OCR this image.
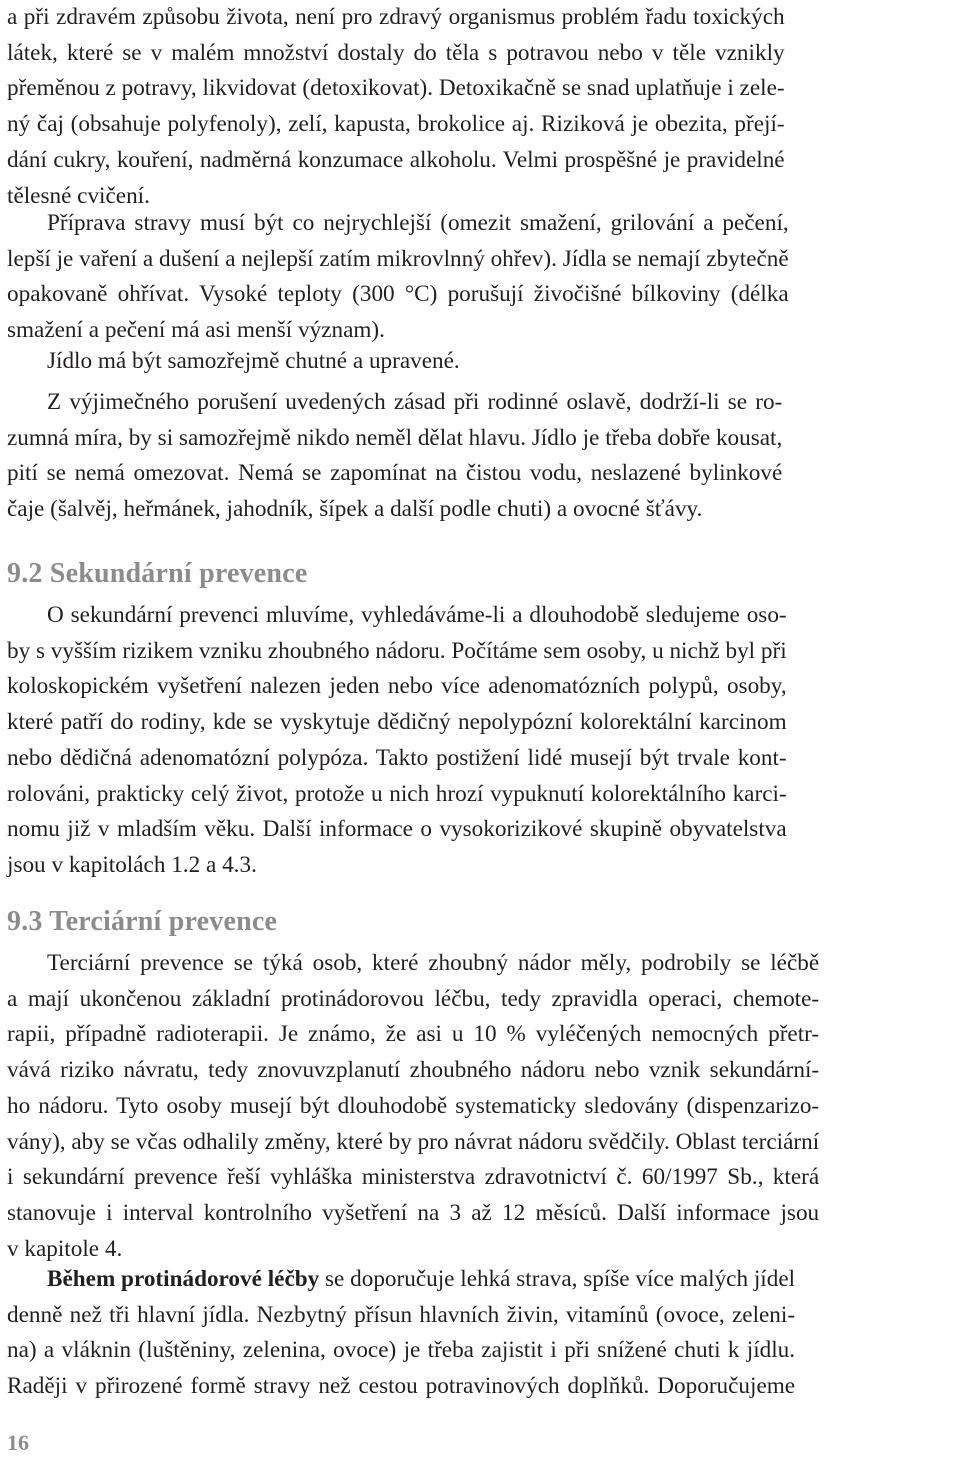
a při zdravém způsobu života, není pro zdravý organismus problém řadu toxických
látek, které se v malém množství dostaly do těla s potravou nebo v těle vznikly
přeměnou z potravy, likvidovat (detoxikovat). Detoxikačně se snad uplatňuje i zele-
ný čaj (obsahuje polyfenoly), zelí, kapusta, brokolice aj. Riziková je obezita, přejí-
dání cukry, kouření, nadměrná konzumace alkoholu. Velmi prospěšné je pravidelné
tělesné cvičení.
Příprava stravy musí být co nejrychlejší (omezit smažení, grilování a pečení,
lepší je vaření a dušení a nejlepší zatím mikrovlnný ohřev). Jídla se nemají zbytečně
opakovaně ohřívat. Vysoké teploty (300 °C) porušují živočišné bílkoviny (délka
smažení a pečení má asi menší význam).
Jídlo má být samozřejmě chutné a upravené.
Z výjimečného porušení uvedených zásad při rodinné oslavě, dodrží-li se ro-
zumná míra, by si samozřejmě nikdo neměl dělat hlavu. Jídlo je třeba dobře kousat,
pití se nemá omezovat. Nemá se zapomínat na čistou vodu, neslazené bylinkové
čaje (šalvěj, heřmánek, jahodník, šípek a další podle chuti) a ovocné šťávy.
9.2 Sekundární prevence
O sekundární prevenci mluvíme, vyhledáváme-li a dlouhodobě sledujeme oso-
by s vyšším rizikem vzniku zhoubného nádoru. Počítáme sem osoby, u nichž byl při
koloskopickém vyšetření nalezen jeden nebo více adenomatózních polypů, osoby,
které patří do rodiny, kde se vyskytuje dědičný nepolypózní kolorektální karcinom
nebo dědičná adenomatózní polypóza. Takto postižení lidé musejí být trvale kont-
rolováni, prakticky celý život, protože u nich hrozí vypuknutí kolorektálního karci-
nomu již v mladším věku. Další informace o vysokorizikové skupině obyvatelstva
jsou v kapitolách 1.2 a 4.3.
9.3 Terciární prevence
Terciární prevence se týká osob, které zhoubný nádor měly, podrobily se léčbě
a mají ukončenou základní protinádorovou léčbu, tedy zpravidla operaci, chemote-
rapii, případně radioterapii. Je známo, že asi u 10 % vyléčených nemocných přetr-
vává riziko návratu, tedy znovuvzplanutí zhoubného nádoru nebo vznik sekundární-
ho nádoru. Tyto osoby musejí být dlouhodobě systematicky sledovány (dispenzarizo-
vány), aby se včas odhalily změny, které by pro návrat nádoru svědčily. Oblast terciární
i sekundární prevence řeší vyhláška ministerstva zdravotnictví č. 60/1997 Sb., která
stanovuje i interval kontrolního vyšetření na 3 až 12 měsíců. Další informace jsou
v kapitole 4.
Během protinádorové léčby se doporučuje lehká strava, spíše více malých jídel
denně než tři hlavní jídla. Nezbytný přísun hlavních živin, vitamínů (ovoce, zeleni-
na) a vláknin (luštěniny, zelenina, ovoce) je třeba zajistit i při snížené chuti k jídlu.
Raději v přirozené formě stravy než cestou potravinových doplňků. Doporučujeme
16
